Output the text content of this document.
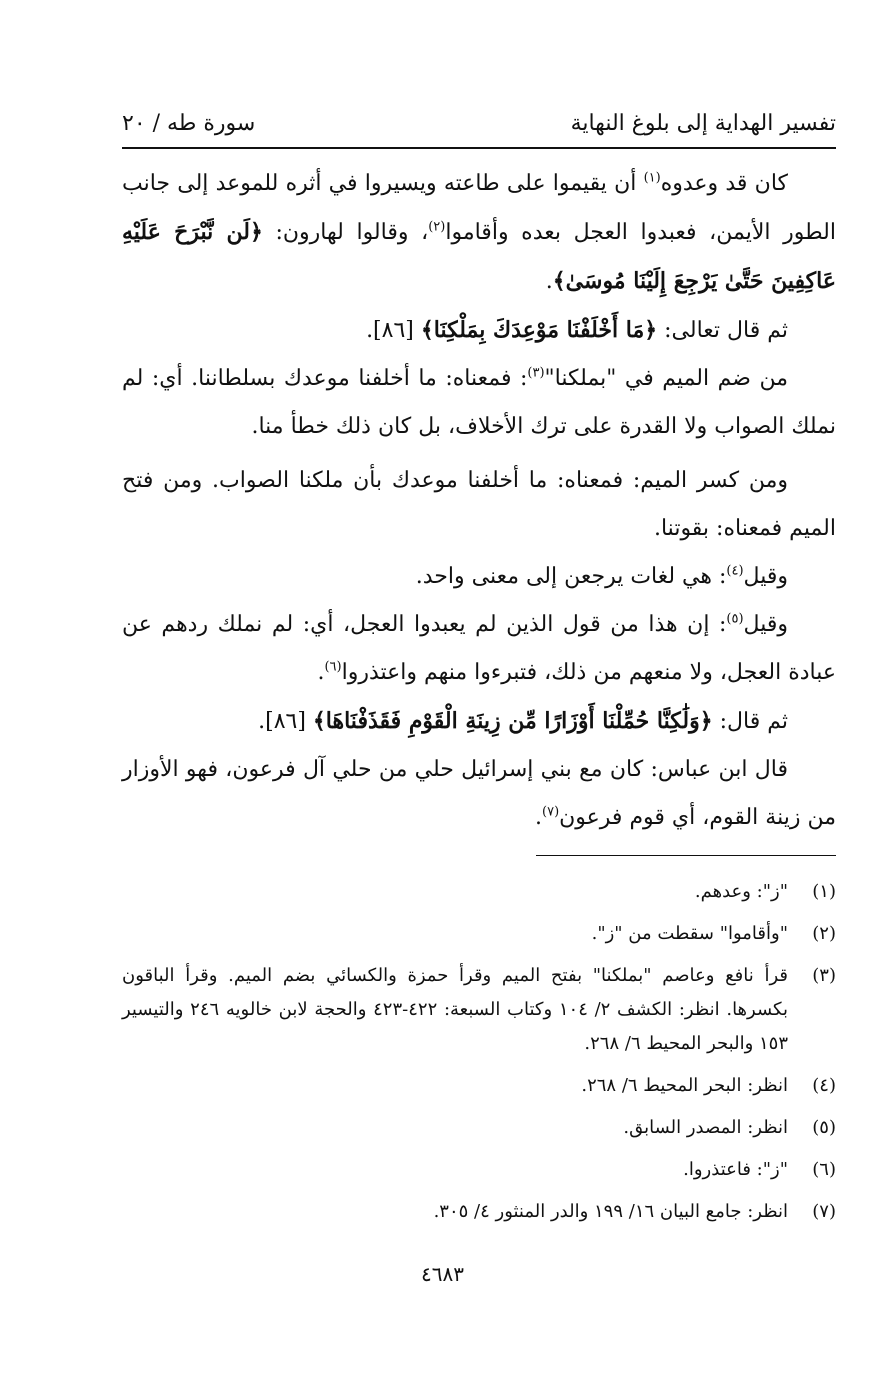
تفسير الهداية إلى بلوغ النهاية
سورة طه / ٢٠

كان قد وعدوه$^{(١)}$ أن يقيموا على طاعته ويسيروا في أثره للموعد إلى جانب الطور الأيمن، فعبدوا العجل بعده وأقاموا$^{(٢)}$، وقالوا لهارون: ﴿لَن نَّبْرَحَ عَلَيْهِ عَاكِفِينَ حَتَّىٰ يَرْجِعَ إِلَيْنَا مُوسَىٰ﴾.

ثم قال تعالى: ﴿مَا أَخْلَفْنَا مَوْعِدَكَ بِمَلْكِنَا﴾ [٨٦].

من ضم الميم في "بملكنا"$^{(٣)}$: فمعناه: ما أخلفنا موعدك بسلطاننا. أي: لم نملك الصواب ولا القدرة على ترك الأخلاف، بل كان ذلك خطأ منا.

ومن كسر الميم: فمعناه: ما أخلفنا موعدك بأن ملكنا الصواب. ومن فتح الميم فمعناه: بقوتنا.

وقيل$^{(٤)}$: هي لغات يرجعن إلى معنى واحد.

وقيل$^{(٥)}$: إن هذا من قول الذين لم يعبدوا العجل، أي: لم نملك ردهم عن عبادة العجل، ولا منعهم من ذلك، فتبرءوا منهم واعتذروا$^{(٦)}$.

ثم قال: ﴿وَلَٰكِنَّا حُمِّلْنَا أَوْزَارًا مِّن زِينَةِ الْقَوْمِ فَقَذَفْنَاهَا﴾ [٨٦].

قال ابن عباس: كان مع بني إسرائيل حلي من حلي آل فرعون، فهو الأوزار من زينة القوم، أي قوم فرعون$^{(٧)}$.

(١)
"ز": وعدهم.
(٢)
"وأقاموا" سقطت من "ز".
(٣)
قرأ نافع وعاصم "بملكنا" بفتح الميم وقرأ حمزة والكسائي بضم الميم. وقرأ الباقون بكسرها. انظر: الكشف ٢/ ١٠٤ وكتاب السبعة: ٤٢٢-٤٢٣ والحجة لابن خالويه ٢٤٦ والتيسير ١٥٣ والبحر المحيط ٦/ ٢٦٨.
(٤)
انظر: البحر المحيط ٦/ ٢٦٨.
(٥)
انظر: المصدر السابق.
(٦)
"ز": فاعتذروا.
(٧)
انظر: جامع البيان ١٦/ ١٩٩ والدر المنثور ٤/ ٣٠٥.
٤٦٨٣
